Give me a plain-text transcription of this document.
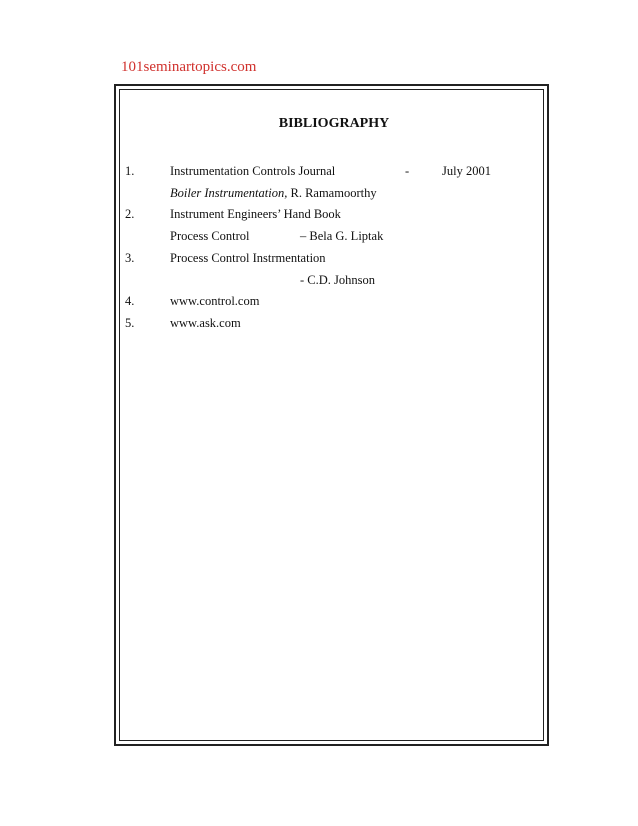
101seminartopics.com
BIBLIOGRAPHY
1.	Instrumentation Controls Journal	-	July 2001
Boiler Instrumentation, R. Ramamoorthy
2.	Instrument Engineers’ Hand Book
Process Control	– Bela G. Liptak
3.	Process Control Instrmentation
- C.D. Johnson
4.	www.control.com
5.	www.ask.com
